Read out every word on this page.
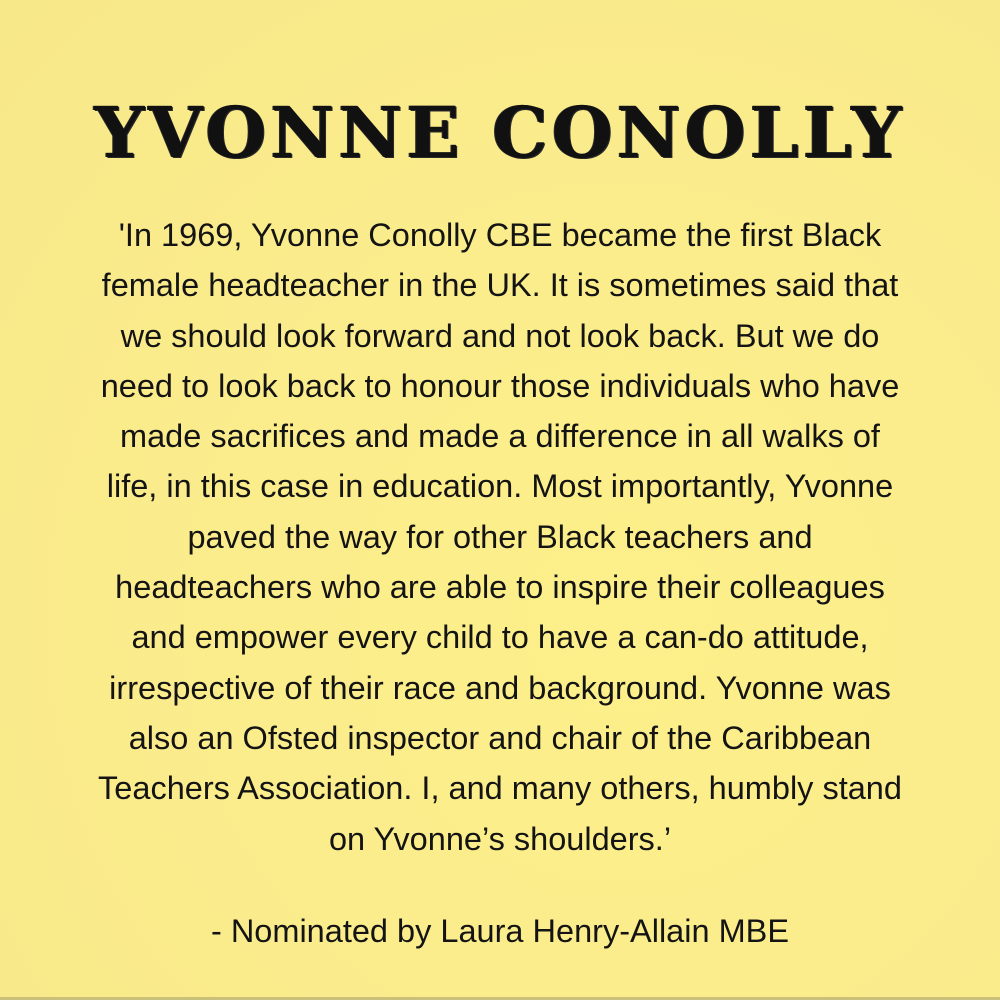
YVONNE CONOLLY

'In 1969, Yvonne Conolly CBE became the first Black
female headteacher in the UK. It is sometimes said that
we should look forward and not look back. But we do
need to look back to honour those individuals who have
made sacrifices and made a difference in all walks of
life, in this case in education. Most importantly, Yvonne
paved the way for other Black teachers and
headteachers who are able to inspire their colleagues
and empower every child to have a can-do attitude,
irrespective of their race and background. Yvonne was
also an Ofsted inspector and chair of the Caribbean
Teachers Association. I, and many others, humbly stand
on Yvonne’s shoulders.’

- Nominated by Laura Henry-Allain MBE
